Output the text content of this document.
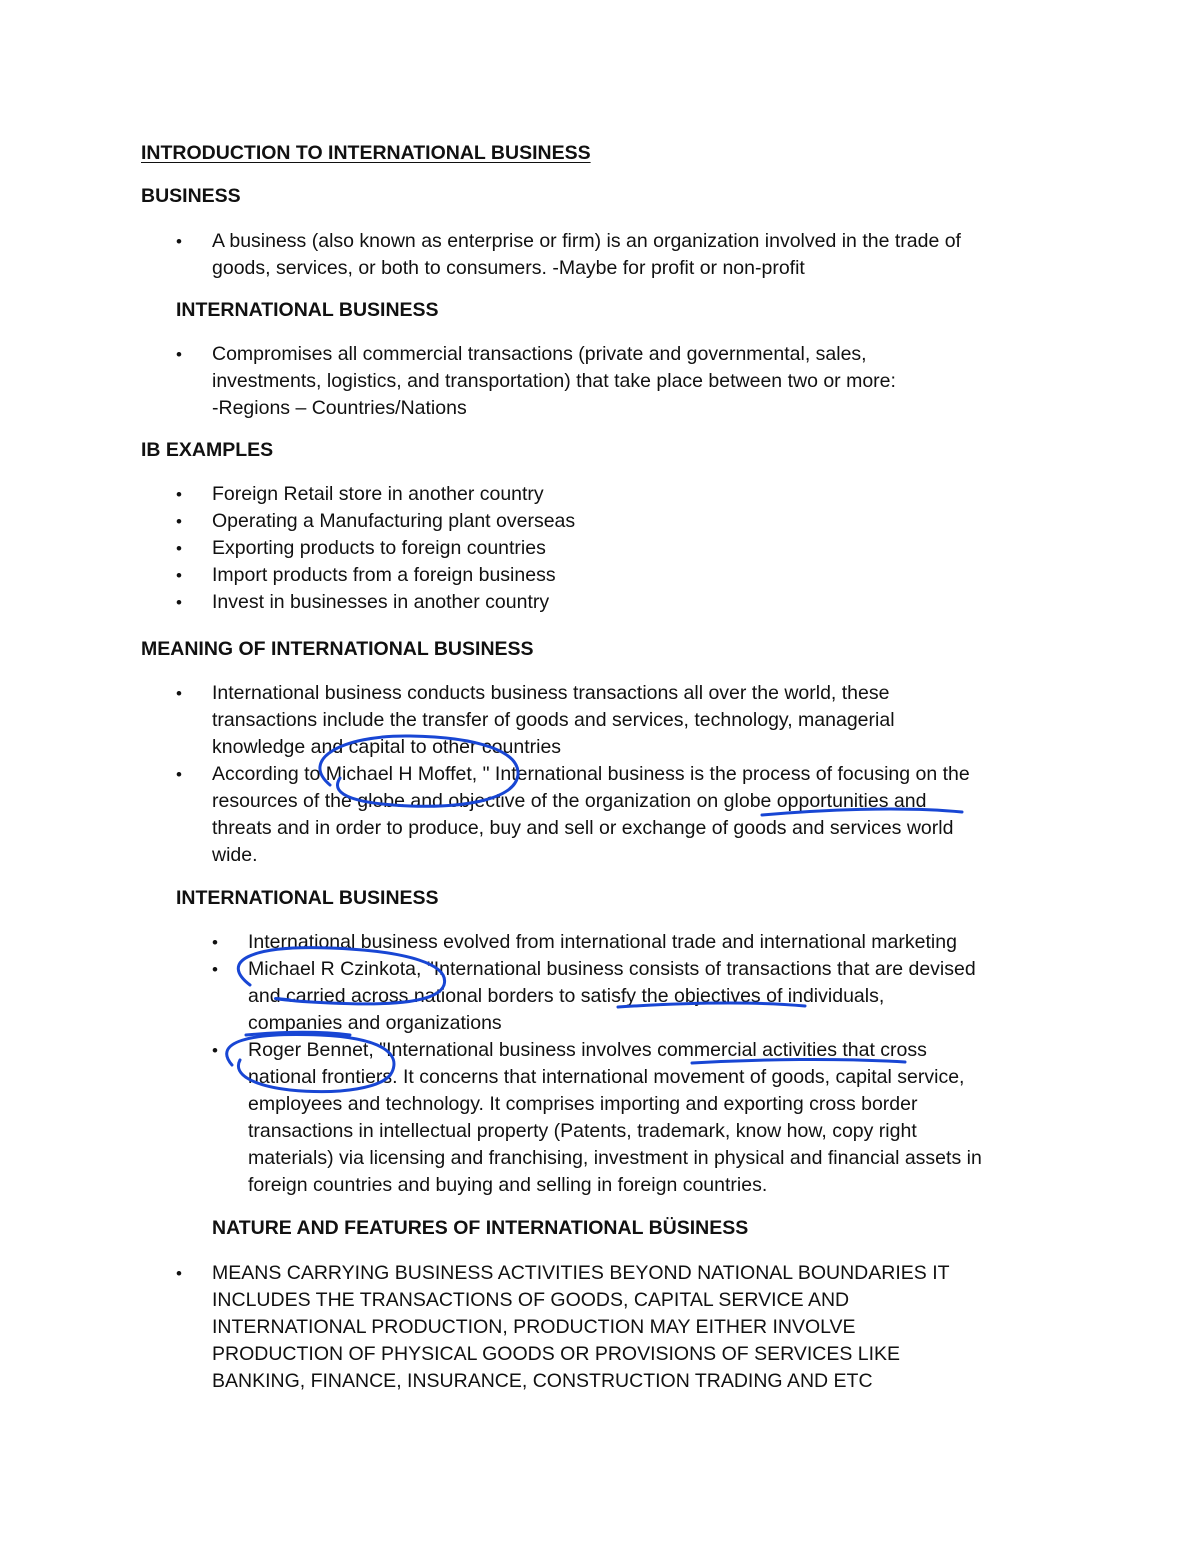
INTRODUCTION TO INTERNATIONAL BUSINESS
BUSINESS
• A business (also known as enterprise or firm) is an organization involved in the trade of
goods, services, or both to consumers. -Maybe for profit or non-profit
INTERNATIONAL BUSINESS
• Compromises all commercial transactions (private and governmental, sales,
investments, logistics, and transportation) that take place between two or more:
-Regions – Countries/Nations
IB EXAMPLES
• Foreign Retail store in another country
• Operating a Manufacturing plant overseas
• Exporting products to foreign countries
• Import products from a foreign business
• Invest in businesses in another country
MEANING OF INTERNATIONAL BUSINESS
• International business conducts business transactions all over the world, these
transactions include the transfer of goods and services, technology, managerial
knowledge and capital to other countries
• According to Michael H Moffet, " International business is the process of focusing on the
resources of the globe and objective of the organization on globe opportunities and
threats and in order to produce, buy and sell or exchange of goods and services world
wide.
INTERNATIONAL BUSINESS
• International business evolved from international trade and international marketing
• Michael R Czinkota, "International business consists of transactions that are devised
and carried across national borders to satisfy the objectives of individuals,
companies and organizations
• Roger Bennet, "International business involves commercial activities that cross
national frontiers. It concerns that international movement of goods, capital service,
employees and technology. It comprises importing and exporting cross border
transactions in intellectual property (Patents, trademark, know how, copy right
materials) via licensing and franchising, investment in physical and financial assets in
foreign countries and buying and selling in foreign countries.
NATURE AND FEATURES OF INTERNATIONAL BÜSINESS
• MEANS CARRYING BUSINESS ACTIVITIES BEYOND NATIONAL BOUNDARIES IT
INCLUDES THE TRANSACTIONS OF GOODS, CAPITAL SERVICE AND
INTERNATIONAL PRODUCTION, PRODUCTION MAY EITHER INVOLVE
PRODUCTION OF PHYSICAL GOODS OR PROVISIONS OF SERVICES LIKE
BANKING, FINANCE, INSURANCE, CONSTRUCTION TRADING AND ETC
